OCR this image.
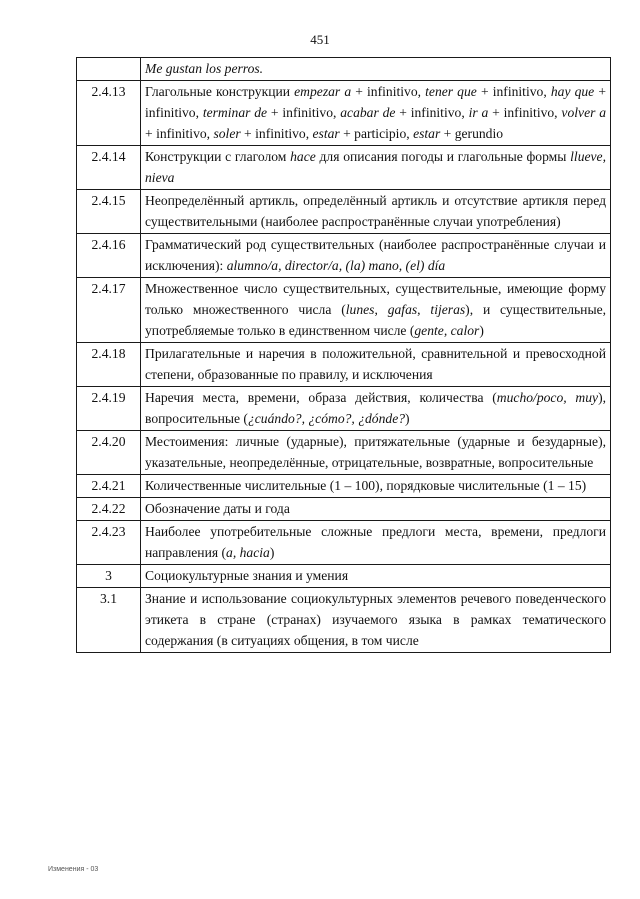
451
	Me gustan los perros.
2.4.13	Глагольные конструкции empezar a + infinitivo, tener que + infinitivo, hay que + infinitivo, terminar de + infinitivo, acabar de + infinitivo, ir a + infinitivo, volver a + infinitivo, soler + infinitivo, estar + participio, estar + gerundio
2.4.14	Конструкции с глаголом hace для описания погоды и глагольные формы llueve, nieva
2.4.15	Неопределённый артикль, определённый артикль и отсутствие артикля перед существительными (наиболее распространённые случаи употребления)
2.4.16	Грамматический род существительных (наиболее распространённые случаи и исключения): alumno/a, director/a, (la) mano, (el) día
2.4.17	Множественное число существительных, существительные, имеющие форму только множественного числа (lunes, gafas, tijeras), и существительные, употребляемые только в единственном числе (gente, calor)
2.4.18	Прилагательные и наречия в положительной, сравнительной и превосходной степени, образованные по правилу, и исключения
2.4.19	Наречия места, времени, образа действия, количества (mucho/poco, muy), вопросительные (¿cuándo?, ¿cómo?, ¿dónde?)
2.4.20	Местоимения: личные (ударные), притяжательные (ударные и безударные), указательные, неопределённые, отрицательные, возвратные, вопросительные
2.4.21	Количественные числительные (1 – 100), порядковые числительные (1 – 15)
2.4.22	Обозначение даты и года
2.4.23	Наиболее употребительные сложные предлоги места, времени, предлоги направления (a, hacia)
3	Социокультурные знания и умения
3.1	Знание и использование социокультурных элементов речевого поведенческого этикета в стране (странах) изучаемого языка в рамках тематического содержания (в ситуациях общения, в том числе
Изменения - 03
